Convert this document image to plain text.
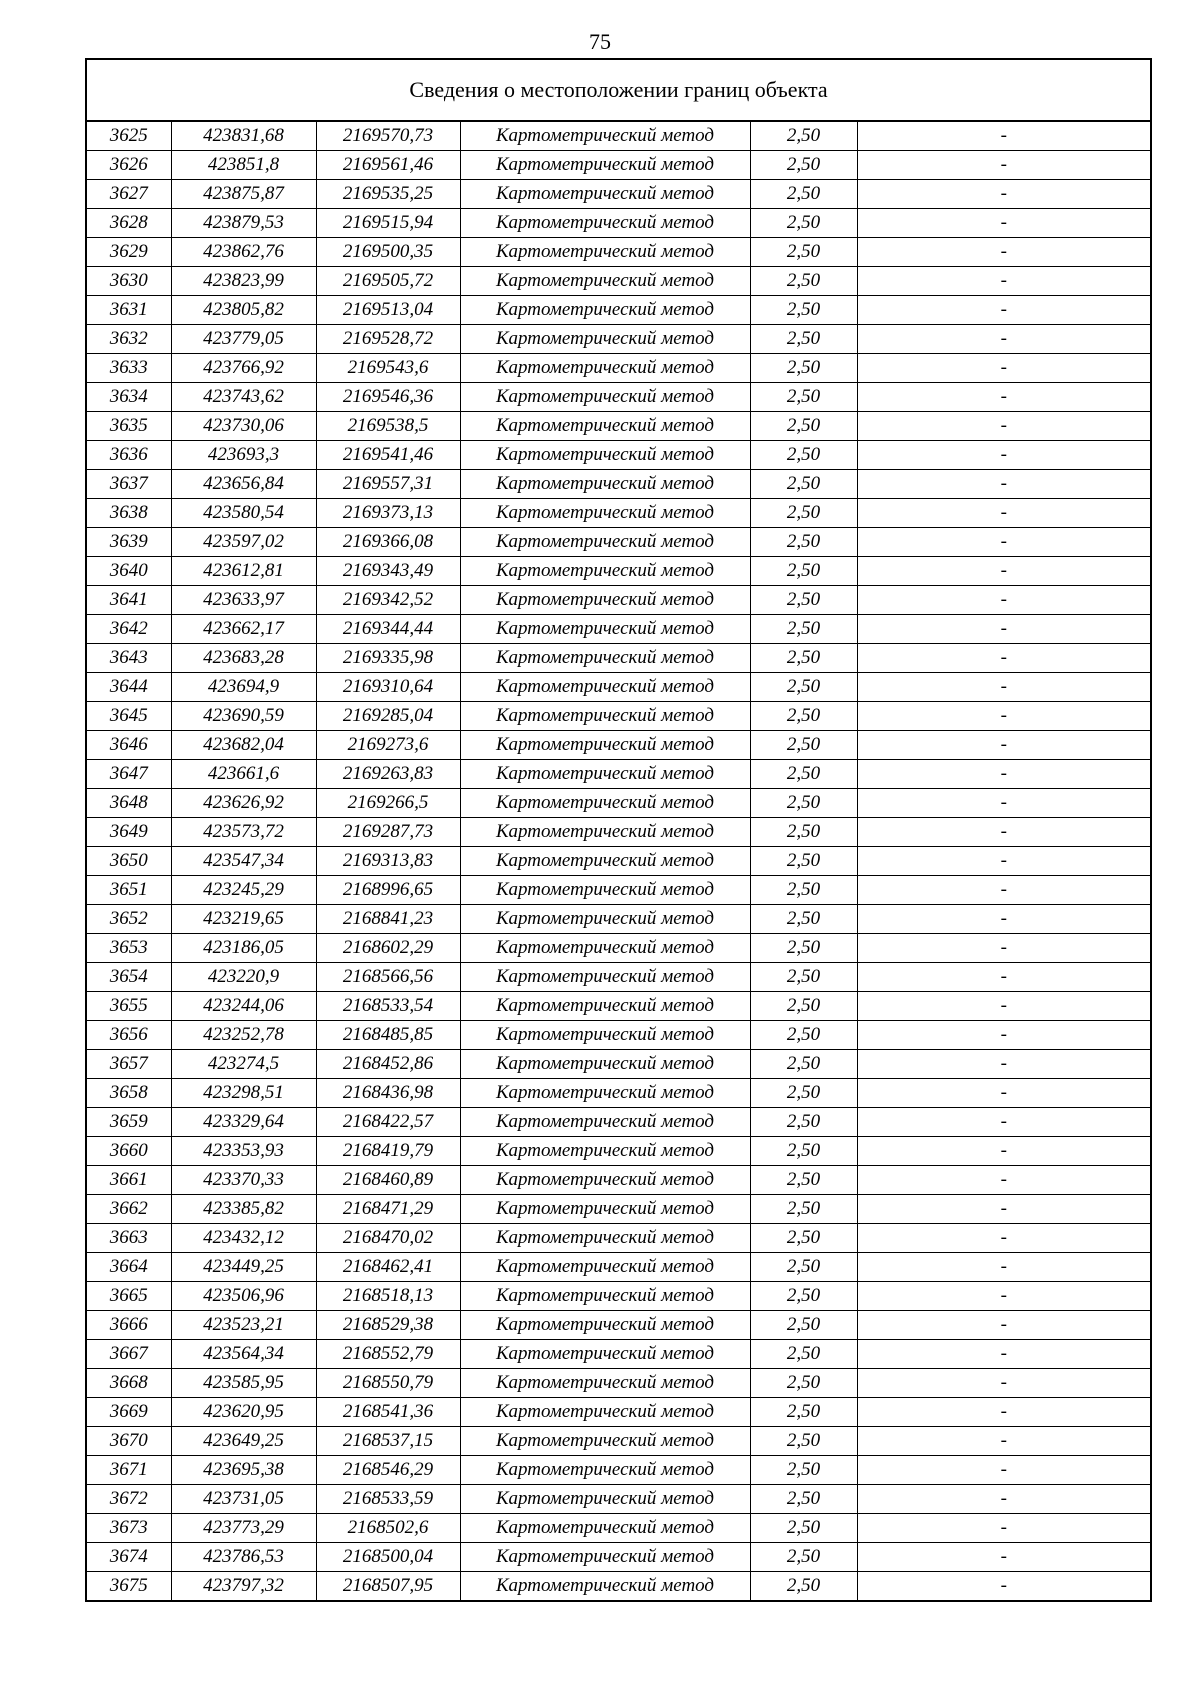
75
Сведения о местоположении границ объекта					
3625	423831,68	2169570,73	Картометрический метод	2,50	-
3626	423851,8	2169561,46	Картометрический метод	2,50	-
3627	423875,87	2169535,25	Картометрический метод	2,50	-
3628	423879,53	2169515,94	Картометрический метод	2,50	-
3629	423862,76	2169500,35	Картометрический метод	2,50	-
3630	423823,99	2169505,72	Картометрический метод	2,50	-
3631	423805,82	2169513,04	Картометрический метод	2,50	-
3632	423779,05	2169528,72	Картометрический метод	2,50	-
3633	423766,92	2169543,6	Картометрический метод	2,50	-
3634	423743,62	2169546,36	Картометрический метод	2,50	-
3635	423730,06	2169538,5	Картометрический метод	2,50	-
3636	423693,3	2169541,46	Картометрический метод	2,50	-
3637	423656,84	2169557,31	Картометрический метод	2,50	-
3638	423580,54	2169373,13	Картометрический метод	2,50	-
3639	423597,02	2169366,08	Картометрический метод	2,50	-
3640	423612,81	2169343,49	Картометрический метод	2,50	-
3641	423633,97	2169342,52	Картометрический метод	2,50	-
3642	423662,17	2169344,44	Картометрический метод	2,50	-
3643	423683,28	2169335,98	Картометрический метод	2,50	-
3644	423694,9	2169310,64	Картометрический метод	2,50	-
3645	423690,59	2169285,04	Картометрический метод	2,50	-
3646	423682,04	2169273,6	Картометрический метод	2,50	-
3647	423661,6	2169263,83	Картометрический метод	2,50	-
3648	423626,92	2169266,5	Картометрический метод	2,50	-
3649	423573,72	2169287,73	Картометрический метод	2,50	-
3650	423547,34	2169313,83	Картометрический метод	2,50	-
3651	423245,29	2168996,65	Картометрический метод	2,50	-
3652	423219,65	2168841,23	Картометрический метод	2,50	-
3653	423186,05	2168602,29	Картометрический метод	2,50	-
3654	423220,9	2168566,56	Картометрический метод	2,50	-
3655	423244,06	2168533,54	Картометрический метод	2,50	-
3656	423252,78	2168485,85	Картометрический метод	2,50	-
3657	423274,5	2168452,86	Картометрический метод	2,50	-
3658	423298,51	2168436,98	Картометрический метод	2,50	-
3659	423329,64	2168422,57	Картометрический метод	2,50	-
3660	423353,93	2168419,79	Картометрический метод	2,50	-
3661	423370,33	2168460,89	Картометрический метод	2,50	-
3662	423385,82	2168471,29	Картометрический метод	2,50	-
3663	423432,12	2168470,02	Картометрический метод	2,50	-
3664	423449,25	2168462,41	Картометрический метод	2,50	-
3665	423506,96	2168518,13	Картометрический метод	2,50	-
3666	423523,21	2168529,38	Картометрический метод	2,50	-
3667	423564,34	2168552,79	Картометрический метод	2,50	-
3668	423585,95	2168550,79	Картометрический метод	2,50	-
3669	423620,95	2168541,36	Картометрический метод	2,50	-
3670	423649,25	2168537,15	Картометрический метод	2,50	-
3671	423695,38	2168546,29	Картометрический метод	2,50	-
3672	423731,05	2168533,59	Картометрический метод	2,50	-
3673	423773,29	2168502,6	Картометрический метод	2,50	-
3674	423786,53	2168500,04	Картометрический метод	2,50	-
3675	423797,32	2168507,95	Картометрический метод	2,50	-
